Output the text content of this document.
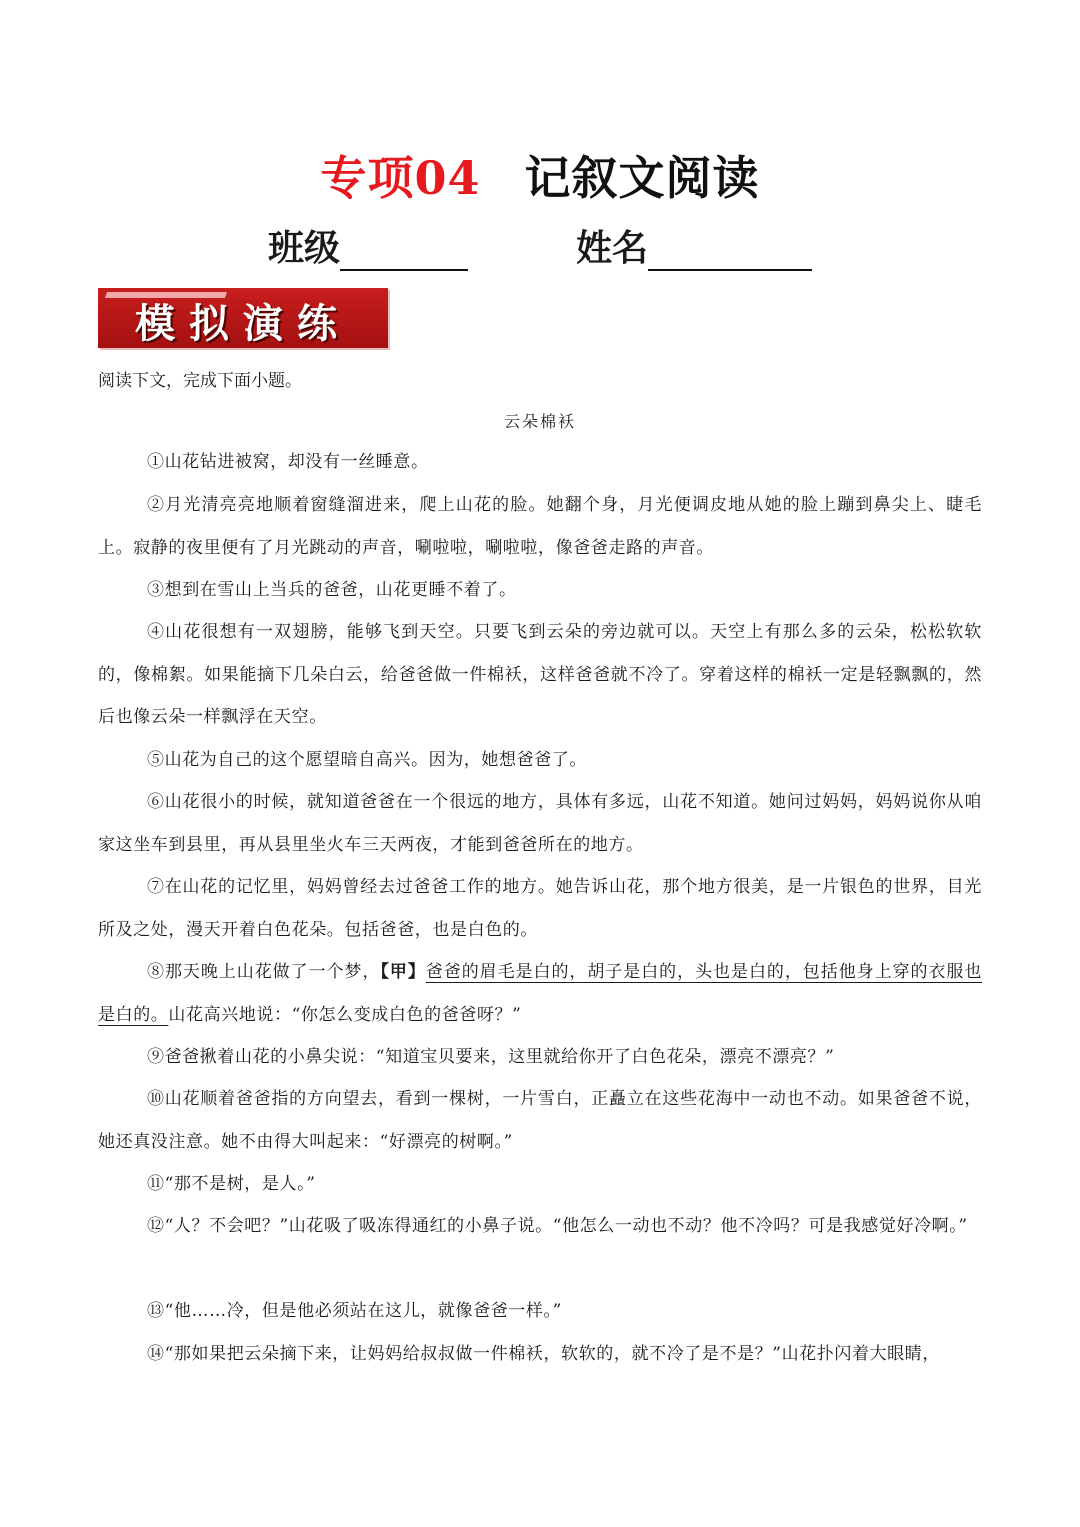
专项04 记叙文阅读
班级	姓名
模拟演练
阅读下文，完成下面小题。
云朵棉袄

①山花钻进被窝，却没有一丝睡意。

②月光清亮亮地顺着窗缝溜进来，爬上山花的脸。她翻个身，月光便调皮地从她的脸上蹦到鼻尖上、睫毛上。寂静的夜里便有了月光跳动的声音，唰啦啦，唰啦啦，像爸爸走路的声音。

③想到在雪山上当兵的爸爸，山花更睡不着了。

④山花很想有一双翅膀，能够飞到天空。只要飞到云朵的旁边就可以。天空上有那么多的云朵，松松软软的，像棉絮。如果能摘下几朵白云，给爸爸做一件棉袄，这样爸爸就不冷了。穿着这样的棉袄一定是轻飘飘的，然后也像云朵一样飘浮在天空。

⑤山花为自己的这个愿望暗自高兴。因为，她想爸爸了。

⑥山花很小的时候，就知道爸爸在一个很远的地方，具体有多远，山花不知道。她问过妈妈，妈妈说你从咱家这坐车到县里，再从县里坐火车三天两夜，才能到爸爸所在的地方。

⑦在山花的记忆里，妈妈曾经去过爸爸工作的地方。她告诉山花，那个地方很美，是一片银色的世界，目光所及之处，漫天开着白色花朵。包括爸爸，也是白色的。

⑧那天晚上山花做了一个梦，【甲】爸爸的眉毛是白的，胡子是白的，头也是白的，包括他身上穿的衣服也是白的。山花高兴地说：“你怎么变成白色的爸爸呀？”

⑨爸爸揪着山花的小鼻尖说：“知道宝贝要来，这里就给你开了白色花朵，漂亮不漂亮？”

⑩山花顺着爸爸指的方向望去，看到一棵树，一片雪白，正矗立在这些花海中一动也不动。如果爸爸不说，她还真没注意。她不由得大叫起来：“好漂亮的树啊。”

⑪“那不是树，是人。”

⑫“人？不会吧？”山花吸了吸冻得通红的小鼻子说。“他怎么一动也不动？他不冷吗？可是我感觉好冷啊。”

⑬“他……冷，但是他必须站在这儿，就像爸爸一样。”

⑭“那如果把云朵摘下来，让妈妈给叔叔做一件棉袄，软软的，就不冷了是不是？”山花扑闪着大眼睛，
